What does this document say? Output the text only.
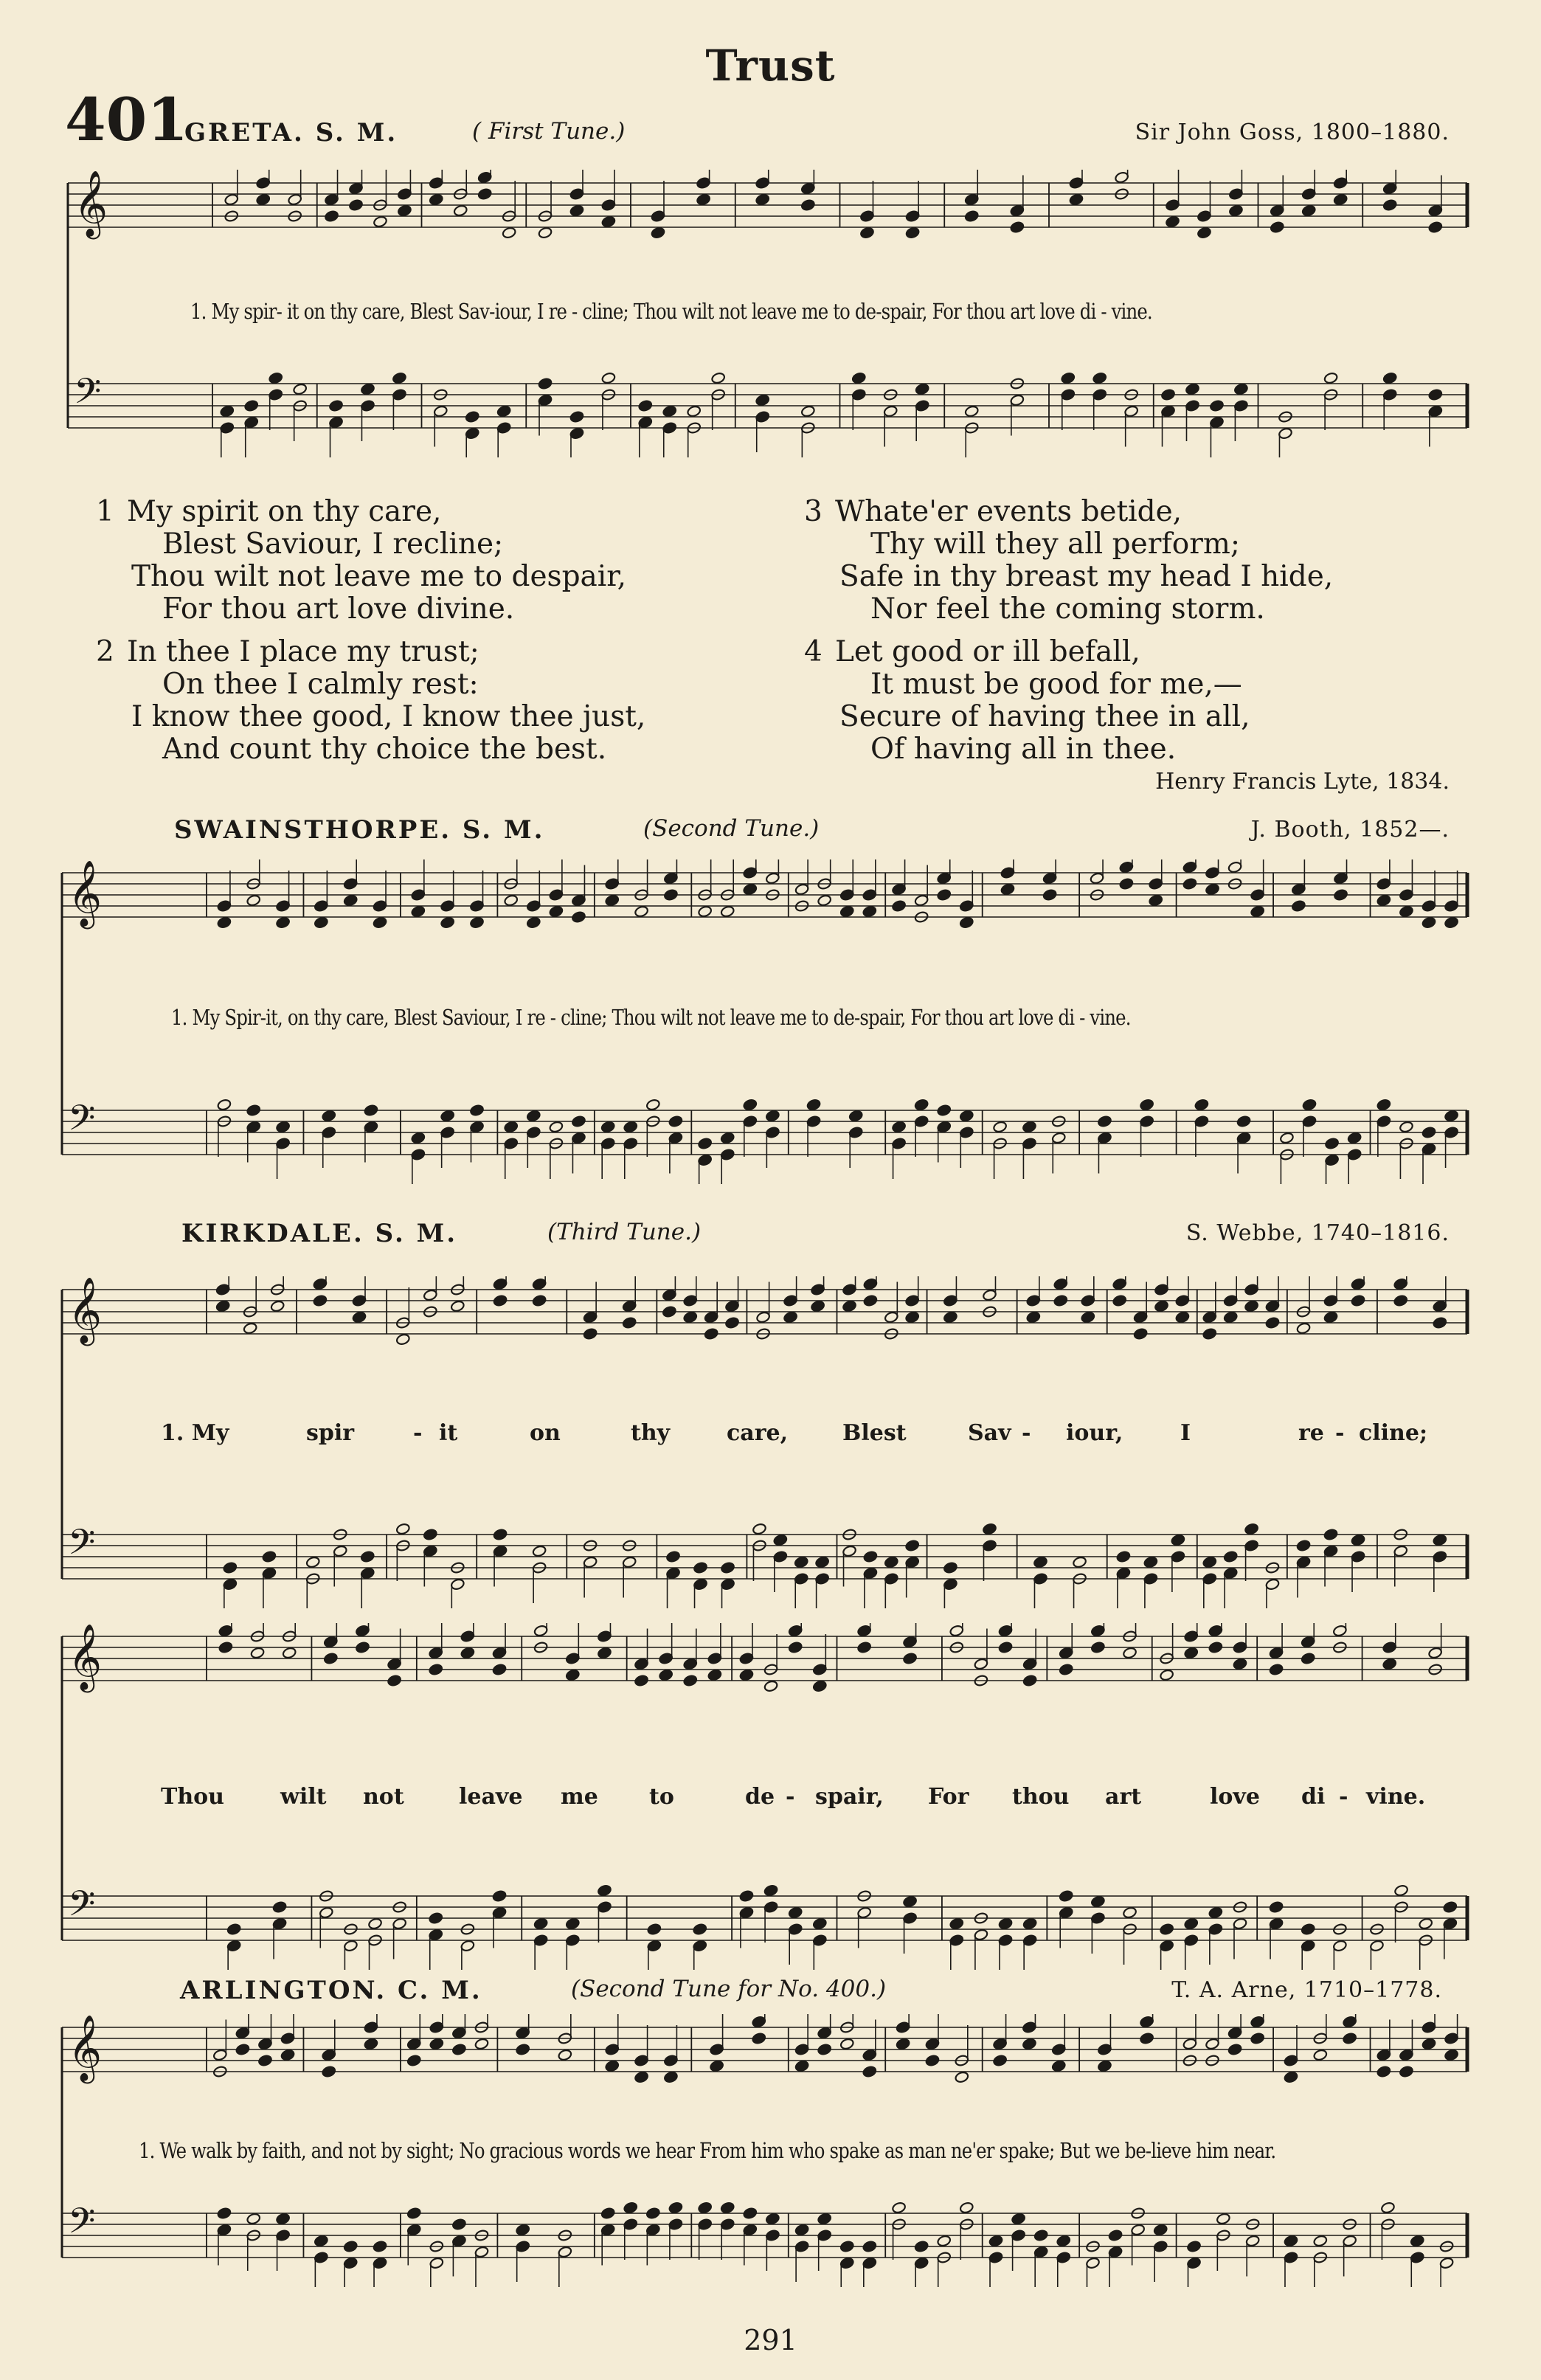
Trust
401
GRETA. S. M.	( First Tune.)	Sir John Goss, 1800–1880.
𝄞
𝄢
1. My spir- it on thy care, Blest Sav-iour, I re - cline; Thou wilt not leave me to de-spair, For thou art love di - vine.
1 My spirit on thy care,
Blest Saviour, I recline;
Thou wilt not leave me to despair,
For thou art love divine.
2 In thee I place my trust;
On thee I calmly rest:
I know thee good, I know thee just,
And count thy choice the best.
3 Whate'er events betide,
Thy will they all perform;
Safe in thy breast my head I hide,
Nor feel the coming storm.
4 Let good or ill befall,
It must be good for me,—
Secure of having thee in all,
Of having all in thee.
Henry Francis Lyte, 1834.
SWAINSTHORPE. S. M.	(Second Tune.)	J. Booth, 1852—.
𝄞
𝄢
1. My Spir-it, on thy care, Blest Saviour, I re - cline; Thou wilt not leave me to de-spair, For thou art love di - vine.
KIRKDALE. S. M.	(Third Tune.)	S. Webbe, 1740–1816.
𝄞
𝄢
1. My	spir	- it	on	thy	care, Blest	Sav - iour,	I	re - cline;
𝄞
𝄢
Thou	wilt not leave me to	de - spair, For thou art	love di - vine.
ARLINGTON. C. M.	(Second Tune for No. 400.)	T. A. Arne, 1710–1778.
𝄞
𝄢
1. We walk by faith, and not by sight; No gracious words we hear From him who spake as man ne'er spake; But we be-lieve him near.
291
